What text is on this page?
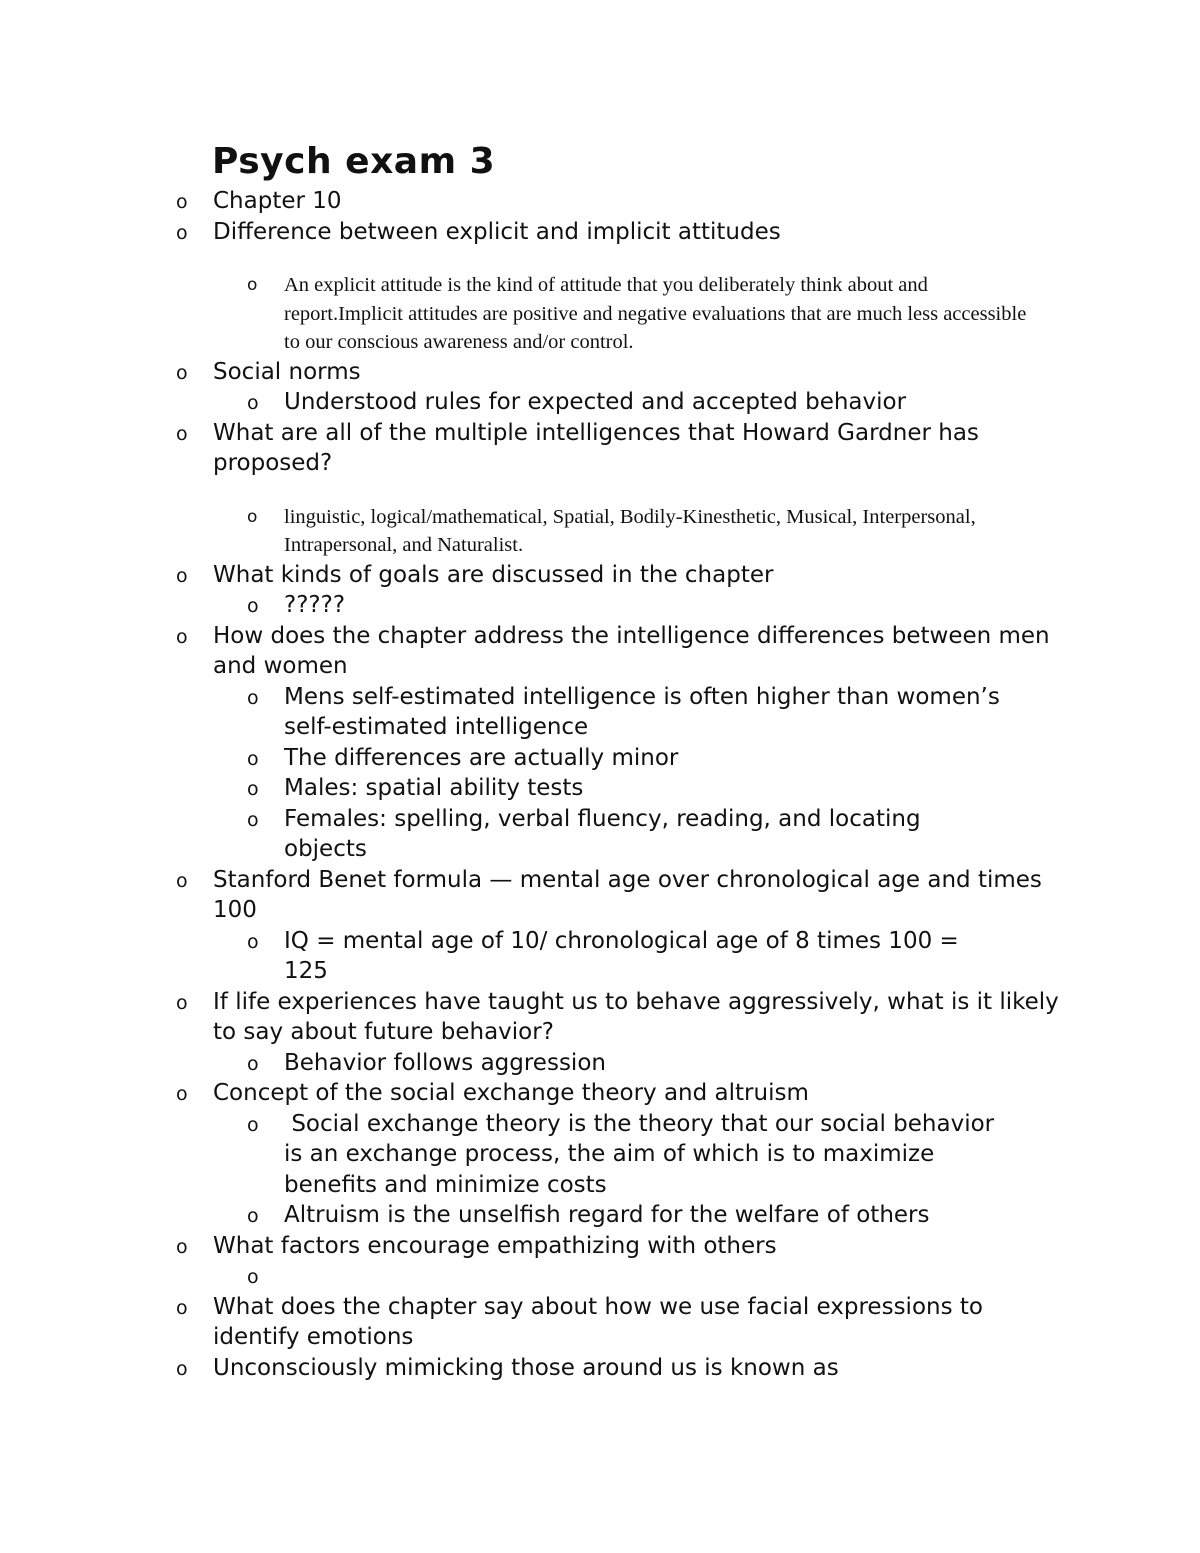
Psych exam 3
o Chapter 10
o Difference between explicit and implicit attitudes
o An explicit attitude is the kind of attitude that you deliberately think about and report.Implicit attitudes are positive and negative evaluations that are much less accessible to our conscious awareness and/or control.
o Social norms
o Understood rules for expected and accepted behavior
o What are all of the multiple intelligences that Howard Gardner has proposed?
o linguistic, logical/mathematical, Spatial, Bodily-Kinesthetic, Musical, Interpersonal, Intrapersonal, and Naturalist.
o What kinds of goals are discussed in the chapter
o ?????
o How does the chapter address the intelligence differences between men and women
o Mens self-estimated intelligence is often higher than women’s self-estimated intelligence
o The differences are actually minor
o Males: spatial ability tests
o Females: spelling, verbal fluency, reading, and locating objects
o Stanford Benet formula — mental age over chronological age and times 100
o IQ = mental age of 10/ chronological age of 8 times 100 = 125
o If life experiences have taught us to behave aggressively, what is it likely to say about future behavior?
o Behavior follows aggression
o Concept of the social exchange theory and altruism
o Social exchange theory is the theory that our social behavior is an exchange process, the aim of which is to maximize benefits and minimize costs
o Altruism is the unselfish regard for the welfare of others
o What factors encourage empathizing with others
o

o What does the chapter say about how we use facial expressions to identify emotions
o Unconsciously mimicking those around us is known as
